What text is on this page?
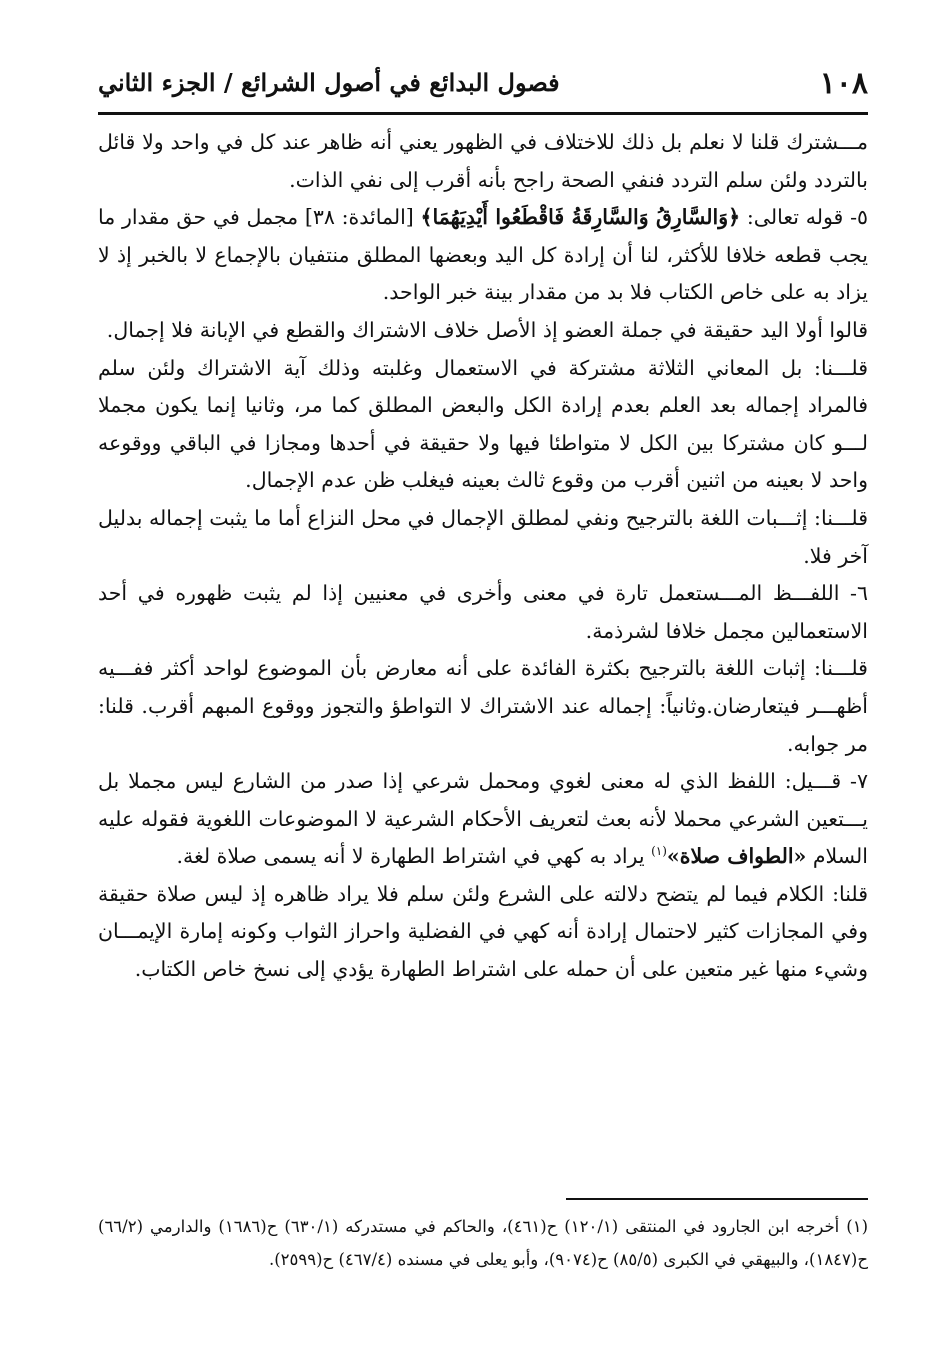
١٠٨
فصول البدائع في أصول الشرائع / الجزء الثاني

مـــشترك قلنا لا نعلم بل ذلك للاختلاف في الظهور يعني أنه ظاهر عند كل في واحد ولا قائل بالتردد ولئن سلم التردد فنفي الصحة راجح بأنه أقرب إلى نفي الذات.

٥- قوله تعالى: ﴿وَالسَّارِقُ وَالسَّارِقَةُ فَاقْطَعُوا أَيْدِيَهُمَا﴾ [المائدة: ٣٨] مجمل في حق مقدار ما يجب قطعه خلافا للأكثر، لنا أن إرادة كل اليد وبعضها المطلق منتفيان بالإجماع لا بالخبر إذ لا يزاد به على خاص الكتاب فلا بد من مقدار بينة خبر الواحد.

قالوا أولا اليد حقيقة في جملة العضو إذ الأصل خلاف الاشتراك والقطع في الإبانة فلا إجمال.

قلـــنا: بل المعاني الثلاثة مشتركة في الاستعمال وغلبته وذلك آية الاشتراك ولئن سلم فالمراد إجماله بعد العلم بعدم إرادة الكل والبعض المطلق كما مر، وثانيا إنما يكون مجملا لـــو كان مشتركا بين الكل لا متواطئا فيها ولا حقيقة في أحدها ومجازا في الباقي ووقوعه واحد لا بعينه من اثنين أقرب من وقوع ثالث بعينه فيغلب ظن عدم الإجمال.

قلـــنا: إثـــبات اللغة بالترجيح ونفي لمطلق الإجمال في محل النزاع أما ما يثبت إجماله بدليل آخر فلا.

٦- اللفـــظ المـــستعمل تارة في معنى وأخرى في معنيين إذا لم يثبت ظهوره في أحد الاستعمالين مجمل خلافا لشرذمة.

قلـــنا: إثبات اللغة بالترجيح بكثرة الفائدة على أنه معارض بأن الموضوع لواحد أكثر ففـــيه أظهـــر فيتعارضان.وثانياً: إجماله عند الاشتراك لا التواطؤ والتجوز ووقوع المبهم أقرب. قلنا: مر جوابه.

٧- قـــيل: اللفظ الذي له معنى لغوي ومحمل شرعي إذا صدر من الشارع ليس مجملا بل يـــتعين الشرعي محملا لأنه بعث لتعريف الأحكام الشرعية لا الموضوعات اللغوية فقوله عليه السلام «الطواف صلاة»$^{(١)}$ يراد به كهي في اشتراط الطهارة لا أنه يسمى صلاة لغة.

قلنا: الكلام فيما لم يتضح دلالته على الشرع ولئن سلم فلا يراد ظاهره إذ ليس صلاة حقيقة وفي المجازات كثير لاحتمال إرادة أنه كهي في الفضلية واحراز الثواب وكونه إمارة الإيمـــان وشيء منها غير متعين على أن حمله على اشتراط الطهارة يؤدي إلى نسخ خاص الكتاب.

(١) أخرجه ابن الجارود في المنتقى (١٢٠/١) ح(٤٦١)، والحاكم في مستدركه (٦٣٠/١) ح(١٦٨٦) والدارمي (٦٦/٢) ح(١٨٤٧)، والبيهقي في الكبرى (٨٥/٥) ح(٩٠٧٤)، وأبو يعلى في مسنده (٤٦٧/٤) ح(٢٥٩٩).
